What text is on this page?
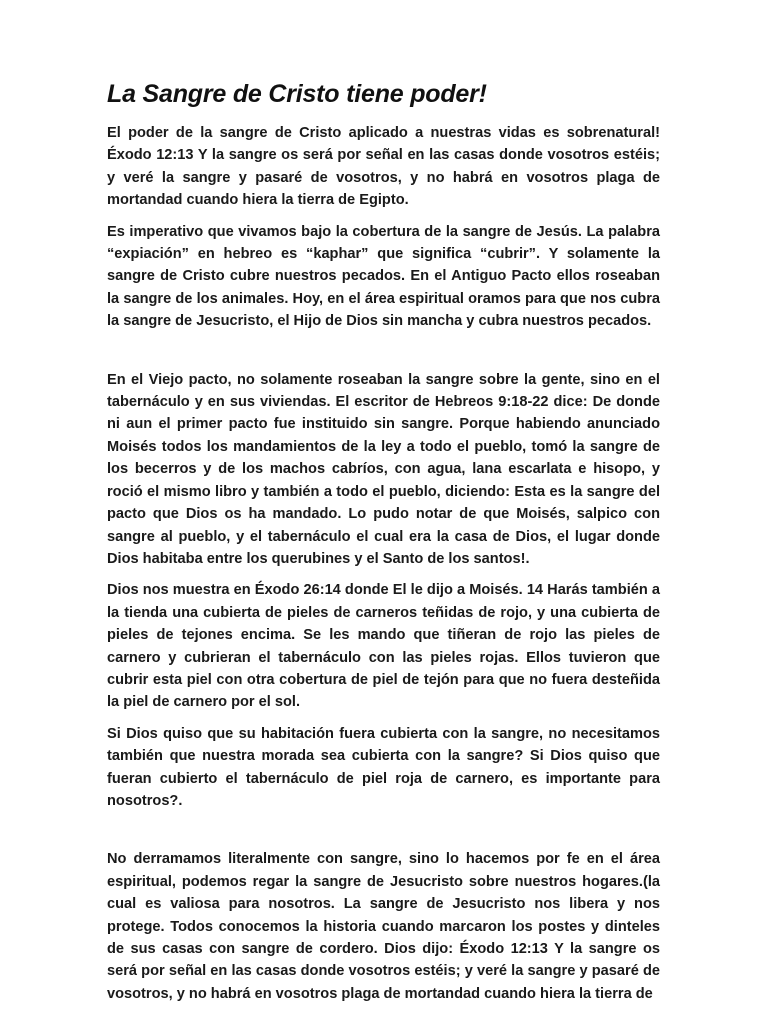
La Sangre de Cristo tiene poder!

El poder de la sangre de Cristo aplicado a nuestras vidas es sobrenatural! Éxodo 12:13 Y la sangre os será por señal en las casas donde vosotros estéis; y veré la sangre y pasaré de vosotros, y no habrá en vosotros plaga de mortandad cuando hiera la tierra de Egipto.

Es imperativo que vivamos bajo la cobertura de la sangre de Jesús. La palabra “expiación” en hebreo es “kaphar” que significa “cubrir”. Y solamente la sangre de Cristo cubre nuestros pecados. En el Antiguo Pacto ellos roseaban la sangre de los animales. Hoy, en el área espiritual oramos para que nos cubra la sangre de Jesucristo, el Hijo de Dios sin mancha y cubra nuestros pecados.

En el Viejo pacto, no solamente roseaban la sangre sobre la gente, sino en el tabernáculo y en sus viviendas. El escritor de Hebreos 9:18-22 dice: De donde ni aun el primer pacto fue instituido sin sangre. Porque habiendo anunciado Moisés todos los mandamientos de la ley a todo el pueblo, tomó la sangre de los becerros y de los machos cabríos, con agua, lana escarlata e hisopo, y roció el mismo libro y también a todo el pueblo, diciendo: Esta es la sangre del pacto que Dios os ha mandado. Lo pudo notar de que Moisés, salpico con sangre al pueblo, y el tabernáculo el cual era la casa de Dios, el lugar donde Dios habitaba entre los querubines y el Santo de los santos!.

Dios nos muestra en Éxodo 26:14 donde El le dijo a Moisés. 14 Harás también a la tienda una cubierta de pieles de carneros teñidas de rojo, y una cubierta de pieles de tejones encima. Se les mando que tiñeran de rojo las pieles de carnero y cubrieran el tabernáculo con las pieles rojas. Ellos tuvieron que cubrir esta piel con otra cobertura de piel de tejón para que no fuera desteñida la piel de carnero por el sol.

Si Dios quiso que su habitación fuera cubierta con la sangre, no necesitamos también que nuestra morada sea cubierta con la sangre? Si Dios quiso que fueran cubierto el tabernáculo de piel roja de carnero, es importante para nosotros?.

No derramamos literalmente con sangre, sino lo hacemos por fe en el área espiritual, podemos regar la sangre de Jesucristo sobre nuestros hogares.(la cual es valiosa para nosotros. La sangre de Jesucristo nos libera y nos protege. Todos conocemos la historia cuando marcaron los postes y dinteles de sus casas con sangre de cordero. Dios dijo: Éxodo 12:13 Y la sangre os será por señal en las casas donde vosotros estéis; y veré la sangre y pasaré de vosotros, y no habrá en vosotros plaga de mortandad cuando hiera la tierra de
